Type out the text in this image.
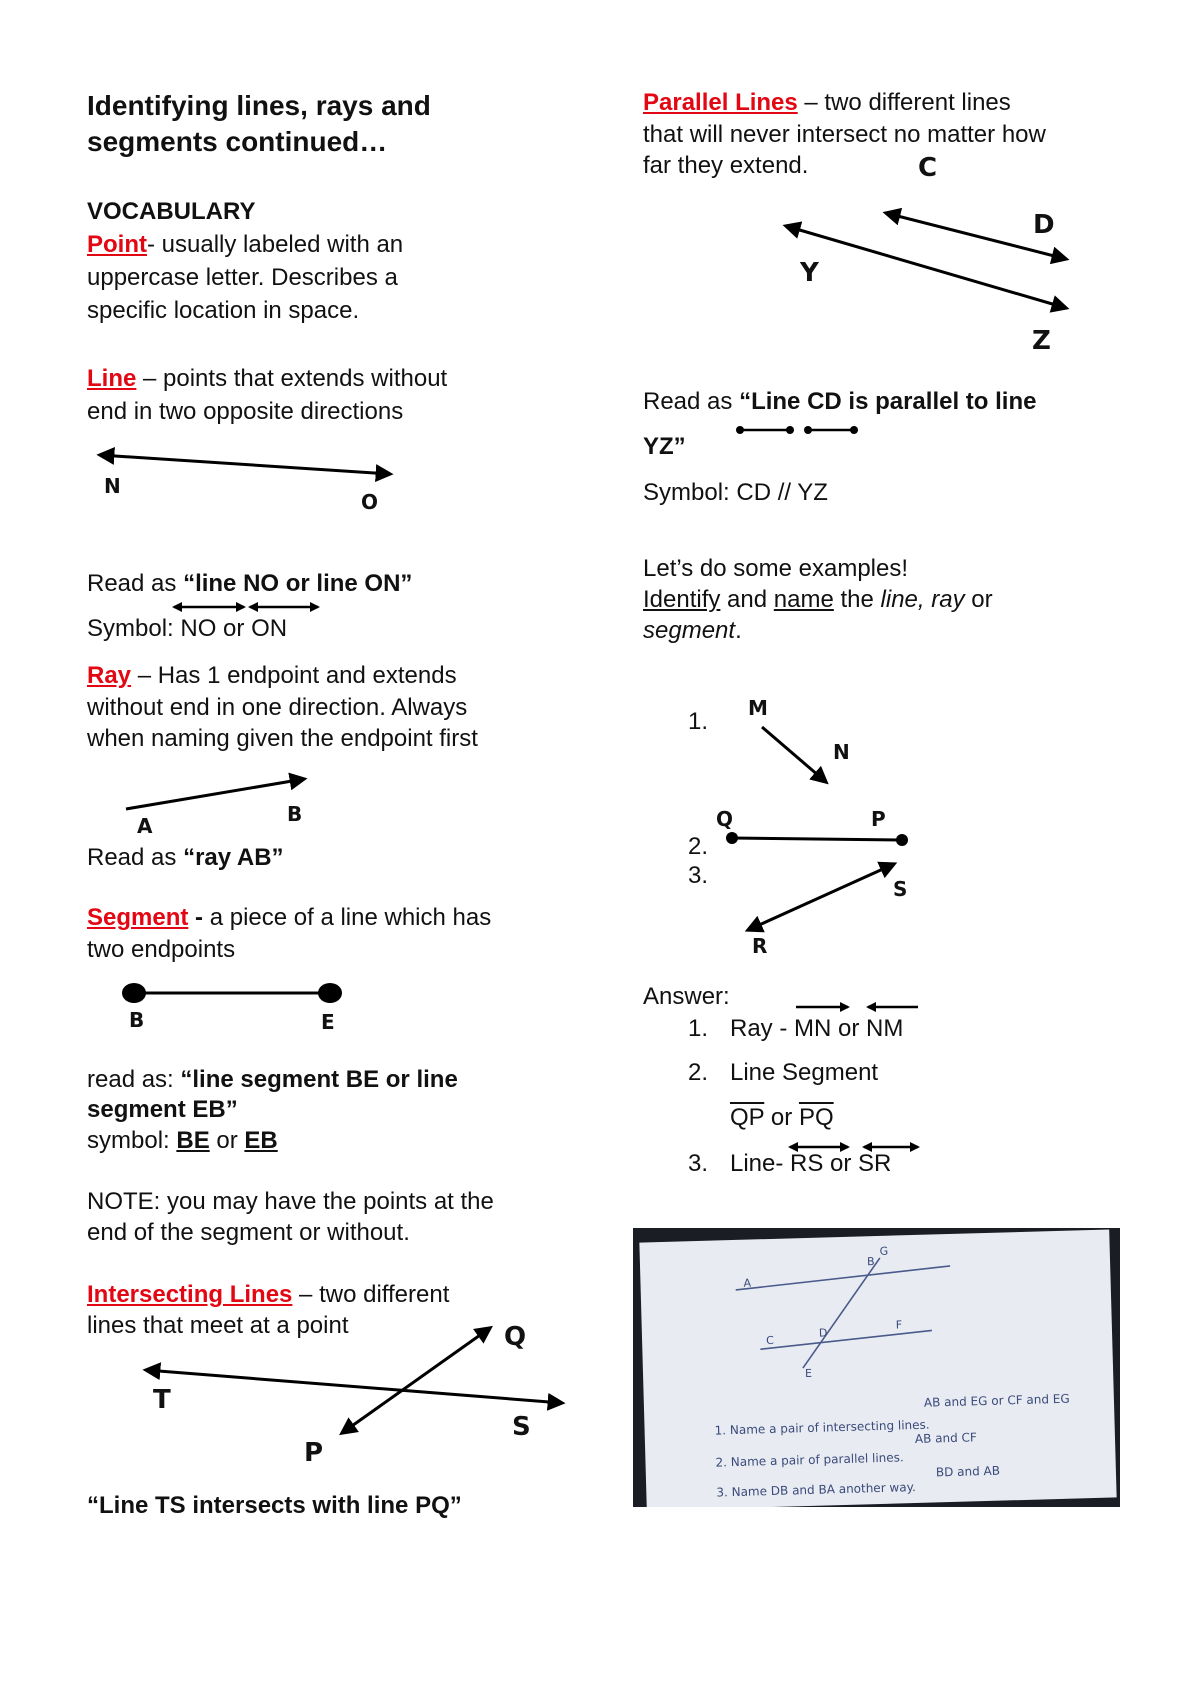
Identifying lines, rays and
segments continued…
VOCABULARY
Point- usually labeled with an
uppercase letter. Describes a
specific location in space.
Line – points that extends without
end in two opposite directions
N
O
Read as “line NO or line ON”
Symbol: NO or ON
Ray – Has 1 endpoint and extends
without end in one direction. Always
when naming given the endpoint first
A	B
Read as “ray AB”
Segment - a piece of a line which has
two endpoints
B	E
read as: “line segment BE or line
segment EB”
symbol: BE or EB
NOTE: you may have the points at the
end of the segment or without.
Intersecting Lines – two different
lines that meet at a point	Q
T
P
S
“Line TS intersects with line PQ”
Parallel Lines – two different lines
that will never intersect no matter how
far they extend.	C
D
Y
Z
Read as “Line CD is parallel to line
YZ”
Symbol: CD // YZ
Let’s do some examples!
Identify and name the line, ray or
segment.
1. M
N
Q	P
2.
3.	S
R
Answer:
1. Ray - MN or NM
2. Line Segment
$\overline{QP}$ or $\overline{PQ}$
3. Line- RS or SR
A
B
G
C
D
F
E
1. Name a pair of intersecting lines.
AB and EG or CF and EG
2. Name a pair of parallel lines.
AB and CF
3. Name DB and BA another way.
BD and AB
